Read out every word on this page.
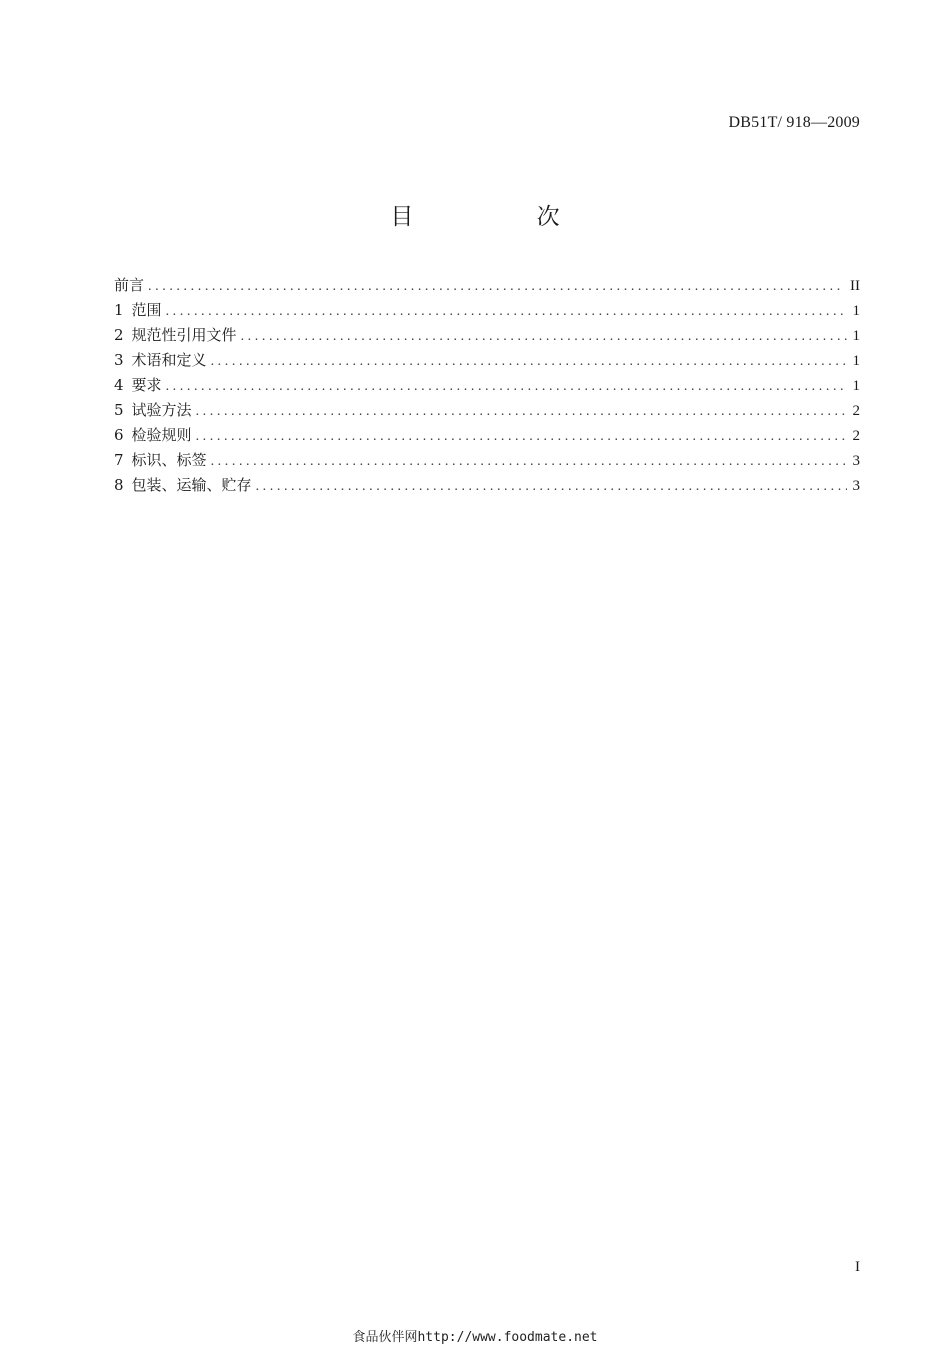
DB51T/ 918—2009
目 次
前言 .....	II
1 范围 .....	1
2 规范性引用文件 .....	1
3 术语和定义 .....	1
4 要求 .....	1
5 试验方法 .....	2
6 检验规则 .....	2
7 标识、标签 .....	3
8 包装、运输、贮存 .....	3
I
食品伙伴网http://www.foodmate.net
